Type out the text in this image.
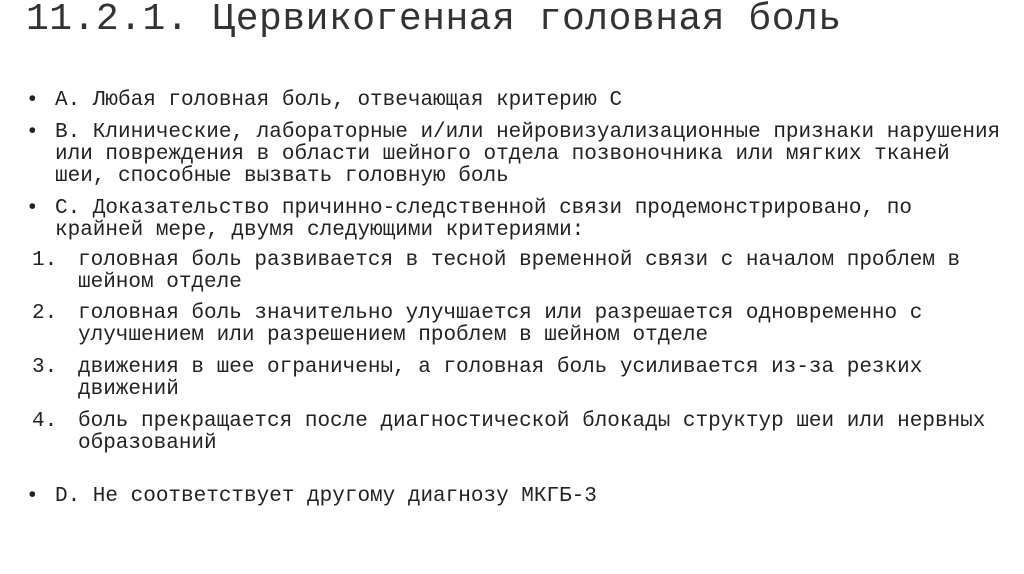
11.2.1. Цервикогенная головная боль
• А. Любая головная боль, отвечающая критерию С
• В. Клинические, лабораторные и/или нейровизуализационные признаки нарушения или повреждения в области шейного отдела позвоночника или мягких тканей шеи, способные вызвать головную боль
• С. Доказательство причинно-следственной связи продемонстрировано, по крайней мере, двумя следующими критериями:
1. головная боль развивается в тесной временной связи с началом проблем в шейном отделе
2. головная боль значительно улучшается или разрешается одновременно с улучшением или разрешением проблем в шейном отделе
3. движения в шее ограничены, а головная боль усиливается из-за резких движений
4. боль прекращается после диагностической блокады структур шеи или нервных образований
• D. Не соответствует другому диагнозу МКГБ-3
